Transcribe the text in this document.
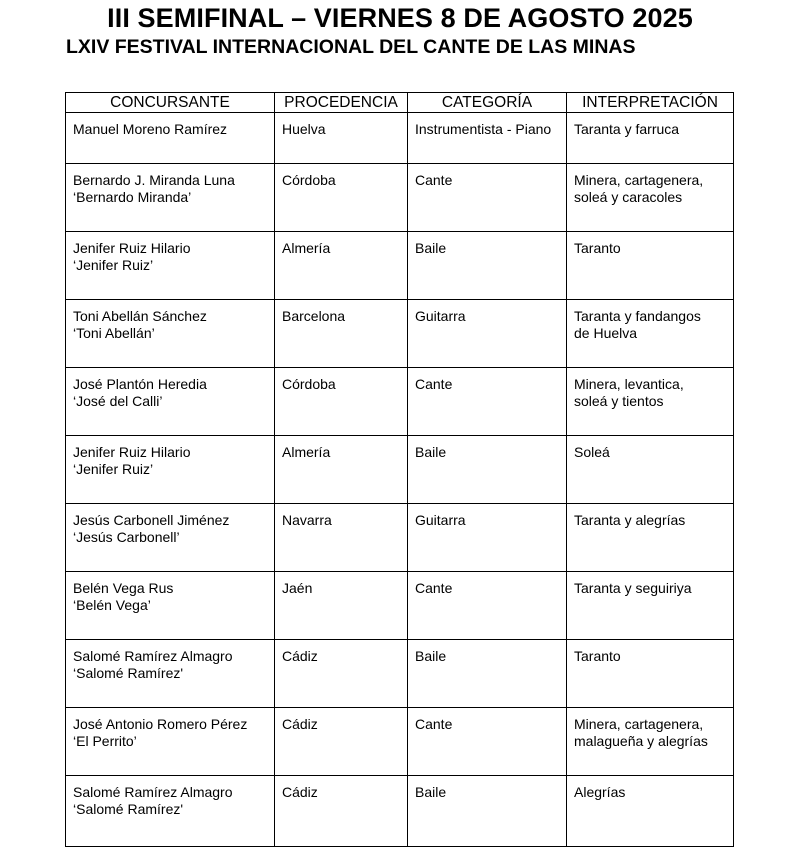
III SEMIFINAL – VIERNES 8 DE AGOSTO 2025
LXIV FESTIVAL INTERNACIONAL DEL CANTE DE LAS MINAS
CONCURSANTE	PROCEDENCIA	CATEGORÍA	INTERPRETACIÓN

Manuel Moreno Ramírez	Huelva	Instrumentista - Piano	Taranta y farruca

Bernardo J. Miranda Luna
‘Bernardo Miranda’	Córdoba	Cante	Minera, cartagenera,
soleá y caracoles

Jenifer Ruiz Hilario
‘Jenifer Ruiz’	Almería	Baile	Taranto

Toni Abellán Sánchez
‘Toni Abellán’	Barcelona	Guitarra	Taranta y fandangos
de Huelva

José Plantón Heredia
‘José del Calli’	Córdoba	Cante	Minera, levantica,
soleá y tientos

Jenifer Ruiz Hilario
‘Jenifer Ruiz’	Almería	Baile	Soleá

Jesús Carbonell Jiménez
‘Jesús Carbonell’	Navarra	Guitarra	Taranta y alegrías

Belén Vega Rus
‘Belén Vega’	Jaén	Cante	Taranta y seguiriya

Salomé Ramírez Almagro
‘Salomé Ramírez'	Cádiz	Baile	Taranto

José Antonio Romero Pérez
‘El Perrito’	Cádiz	Cante	Minera, cartagenera,
malagueña y alegrías

Salomé Ramírez Almagro
‘Salomé Ramírez'	Cádiz	Baile	Alegrías
